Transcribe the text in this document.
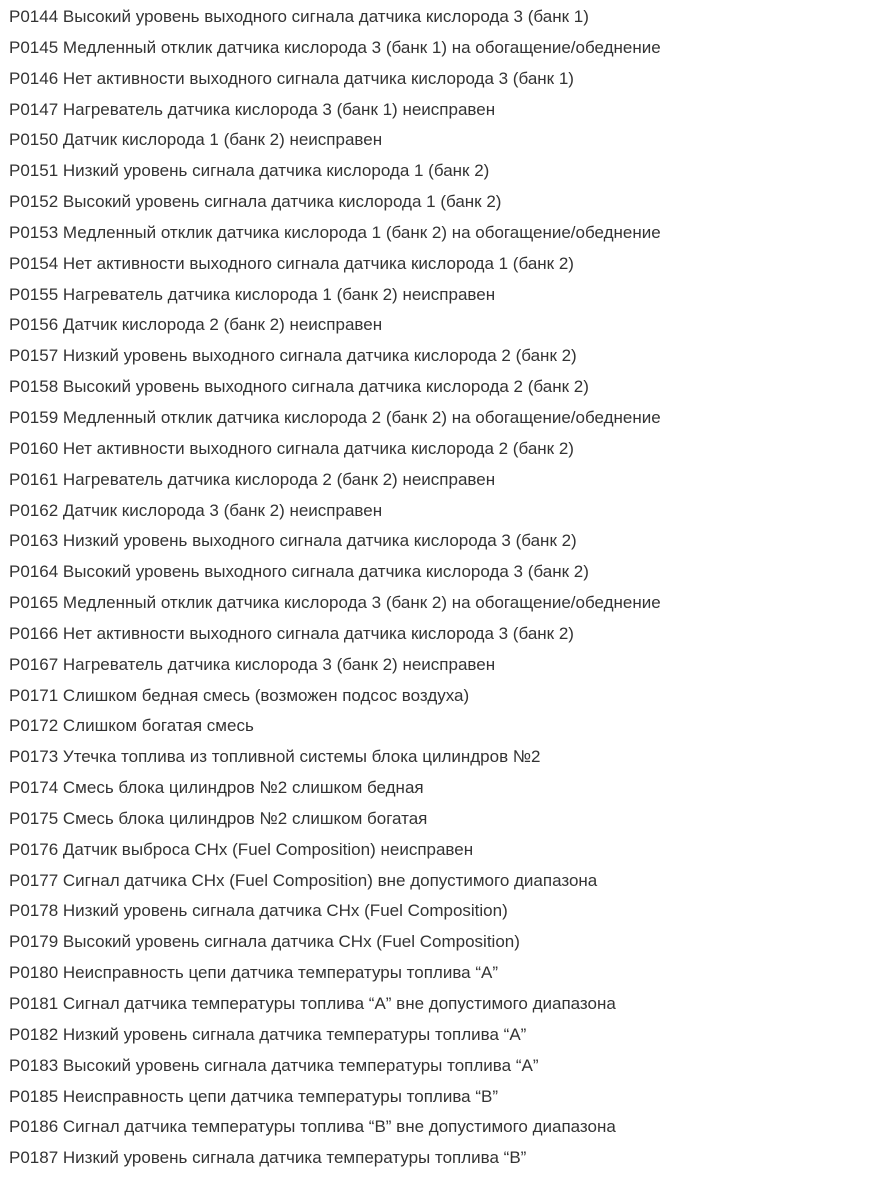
P0144 Высокий уровень выходного сигнала датчика кислорода 3 (банк 1)
P0145 Медленный отклик датчика кислорода 3 (банк 1) на обогащение/обеднение
P0146 Нет активности выходного сигнала датчика кислорода 3 (банк 1)
P0147 Нагреватель датчика кислорода 3 (банк 1) неисправен
P0150 Датчик кислорода 1 (банк 2) неисправен
P0151 Низкий уровень сигнала датчика кислорода 1 (банк 2)
P0152 Высокий уровень сигнала датчика кислорода 1 (банк 2)
P0153 Медленный отклик датчика кислорода 1 (банк 2) на обогащение/обеднение
P0154 Нет активности выходного сигнала датчика кислорода 1 (банк 2)
P0155 Нагреватель датчика кислорода 1 (банк 2) неисправен
P0156 Датчик кислорода 2 (банк 2) неисправен
P0157 Низкий уровень выходного сигнала датчика кислорода 2 (банк 2)
P0158 Высокий уровень выходного сигнала датчика кислорода 2 (банк 2)
P0159 Медленный отклик датчика кислорода 2 (банк 2) на обогащение/обеднение
P0160 Нет активности выходного сигнала датчика кислорода 2 (банк 2)
P0161 Нагреватель датчика кислорода 2 (банк 2) неисправен
P0162 Датчик кислорода 3 (банк 2) неисправен
P0163 Низкий уровень выходного сигнала датчика кислорода 3 (банк 2)
P0164 Высокий уровень выходного сигнала датчика кислорода 3 (банк 2)
P0165 Медленный отклик датчика кислорода 3 (банк 2) на обогащение/обеднение
P0166 Нет активности выходного сигнала датчика кислорода 3 (банк 2)
P0167 Нагреватель датчика кислорода 3 (банк 2) неисправен
P0171 Слишком бедная смесь (возможен подсос воздуха)
P0172 Слишком богатая смесь
P0173 Утечка топлива из топливной системы блока цилиндров №2
P0174 Смесь блока цилиндров №2 слишком бедная
P0175 Смесь блока цилиндров №2 слишком богатая
P0176 Датчик выброса CHx (Fuel Composition) неисправен
P0177 Сигнал датчика CHx (Fuel Composition) вне допустимого диапазона
P0178 Низкий уровень сигнала датчика CHx (Fuel Composition)
P0179 Высокий уровень сигнала датчика CHx (Fuel Composition)
P0180 Неисправность цепи датчика температуры топлива “A”
P0181 Сигнал датчика температуры топлива “A” вне допустимого диапазона
P0182 Низкий уровень сигнала датчика температуры топлива “A”
P0183 Высокий уровень сигнала датчика температуры топлива “A”
P0185 Неисправность цепи датчика температуры топлива “B”
P0186 Сигнал датчика температуры топлива “B” вне допустимого диапазона
P0187 Низкий уровень сигнала датчика температуры топлива “B”
